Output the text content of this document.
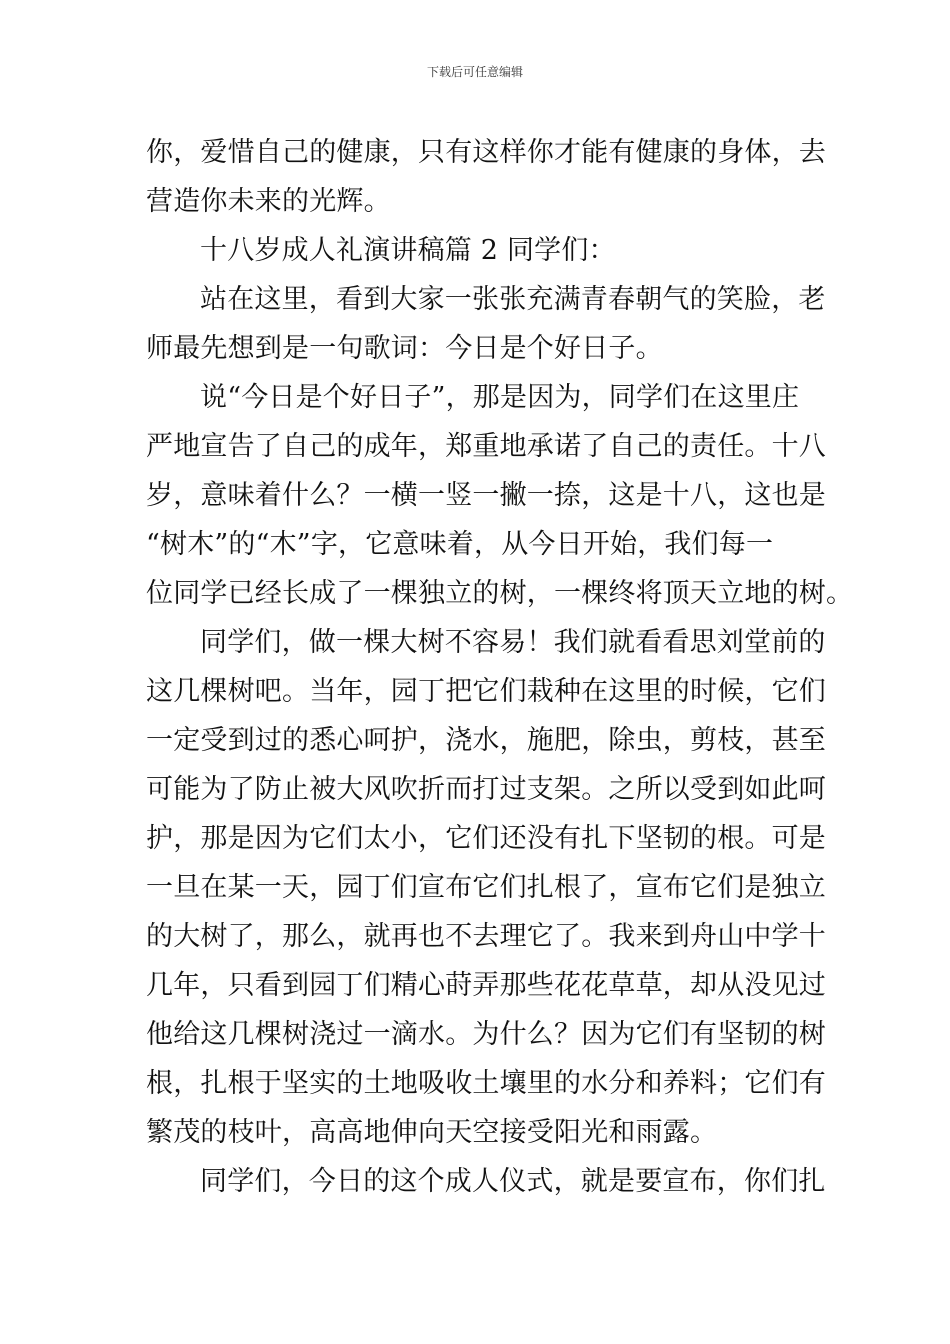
下载后可任意编辑
你，爱惜自己的健康，只有这样你才能有健康的身体，去
营造你未来的光辉。
十八岁成人礼演讲稿篇 2 同学们：
站在这里，看到大家一张张充满青春朝气的笑脸，老
师最先想到是一句歌词：今日是个好日子。
说“今日是个好日子”，那是因为，同学们在这里庄
严地宣告了自己的成年，郑重地承诺了自己的责任。十八
岁，意味着什么？一横一竖一撇一捺，这是十八，这也是
“树木”的“木”字，它意味着，从今日开始，我们每一
位同学已经长成了一棵独立的树，一棵终将顶天立地的树。
同学们，做一棵大树不容易！我们就看看思刘堂前的
这几棵树吧。当年，园丁把它们栽种在这里的时候，它们
一定受到过的悉心呵护，浇水，施肥，除虫，剪枝，甚至
可能为了防止被大风吹折而打过支架。之所以受到如此呵
护，那是因为它们太小，它们还没有扎下坚韧的根。可是
一旦在某一天，园丁们宣布它们扎根了，宣布它们是独立
的大树了，那么，就再也不去理它了。我来到舟山中学十
几年，只看到园丁们精心莳弄那些花花草草，却从没见过
他给这几棵树浇过一滴水。为什么？因为它们有坚韧的树
根，扎根于坚实的土地吸收土壤里的水分和养料；它们有
繁茂的枝叶，高高地伸向天空接受阳光和雨露。
同学们，今日的这个成人仪式，就是要宣布，你们扎
